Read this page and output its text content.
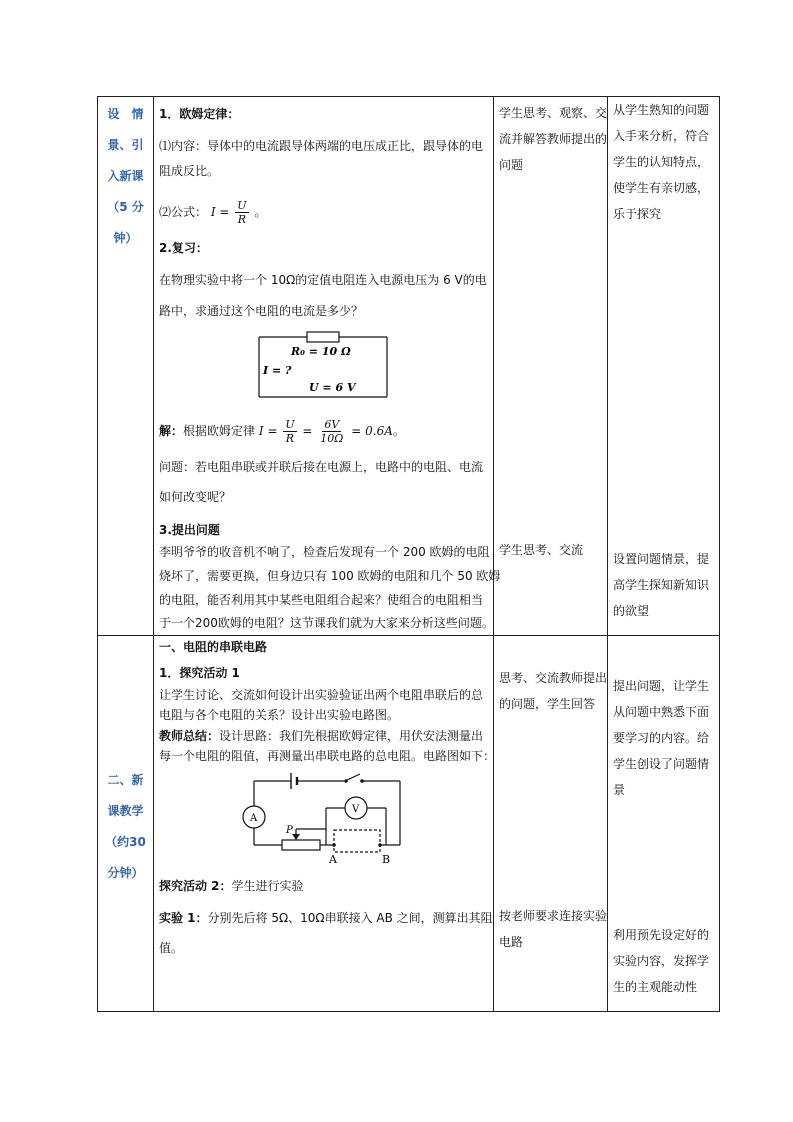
设　情
景、引
入新课
（5 分
钟）
二、新
课教学
（约30
分钟）
1．欧姆定律：
⑴内容：导体中的电流跟导体两端的电压成正比，跟导体的电
阻成反比。
⑵公式： $I = \frac{U}{R}$ 。
2.复习：
在物理实验中将一个 10Ω的定值电阻连入电源电压为 6 V的电
路中，求通过这个电阻的电流是多少？
R₀ = 10 Ω
I = ?
U = 6 V
解：根据欧姆定律 $I = \frac{U}{R} = \frac{6V}{10\Omega} = 0.6A$。
问题：若电阻串联或并联后接在电源上，电路中的电阻、电流
如何改变呢？
3.提出问题
李明爷爷的收音机不响了，检查后发现有一个 200 欧姆的电阻
烧坏了，需要更换，但身边只有 100 欧姆的电阻和几个 50 欧姆
的电阻，能否利用其中某些电阻组合起来？使组合的电阻相当
于一个200欧姆的电阻？这节课我们就为大家来分析这些问题。
一、电阻的串联电路
1．探究活动 1
让学生讨论、交流如何设计出实验验证出两个电阻串联后的总
电阻与各个电阻的关系？设计出实验电路图。
教师总结：设计思路：我们先根据欧姆定律，用伏安法测量出
每一个电阻的阻值，再测量出串联电路的总电阻。电路图如下：
A
P
V
A	B
探究活动 2：学生进行实验
实验 1：分别先后将 5Ω、10Ω串联接入 AB 之间，测算出其阻
值。
学生思考、观察、交流并解答教师提出的问题
学生思考、交流
思考、交流教师提出的问题，学生回答
按老师要求连接实验电路
从学生熟知的问题入手来分析，符合学生的认知特点，使学生有亲切感，乐于探究
设置问题情景，提高学生探知新知识的欲望
提出问题，让学生从问题中熟悉下面要学习的内容。给学生创设了问题情景
利用预先设定好的实验内容，发挥学生的主观能动性
